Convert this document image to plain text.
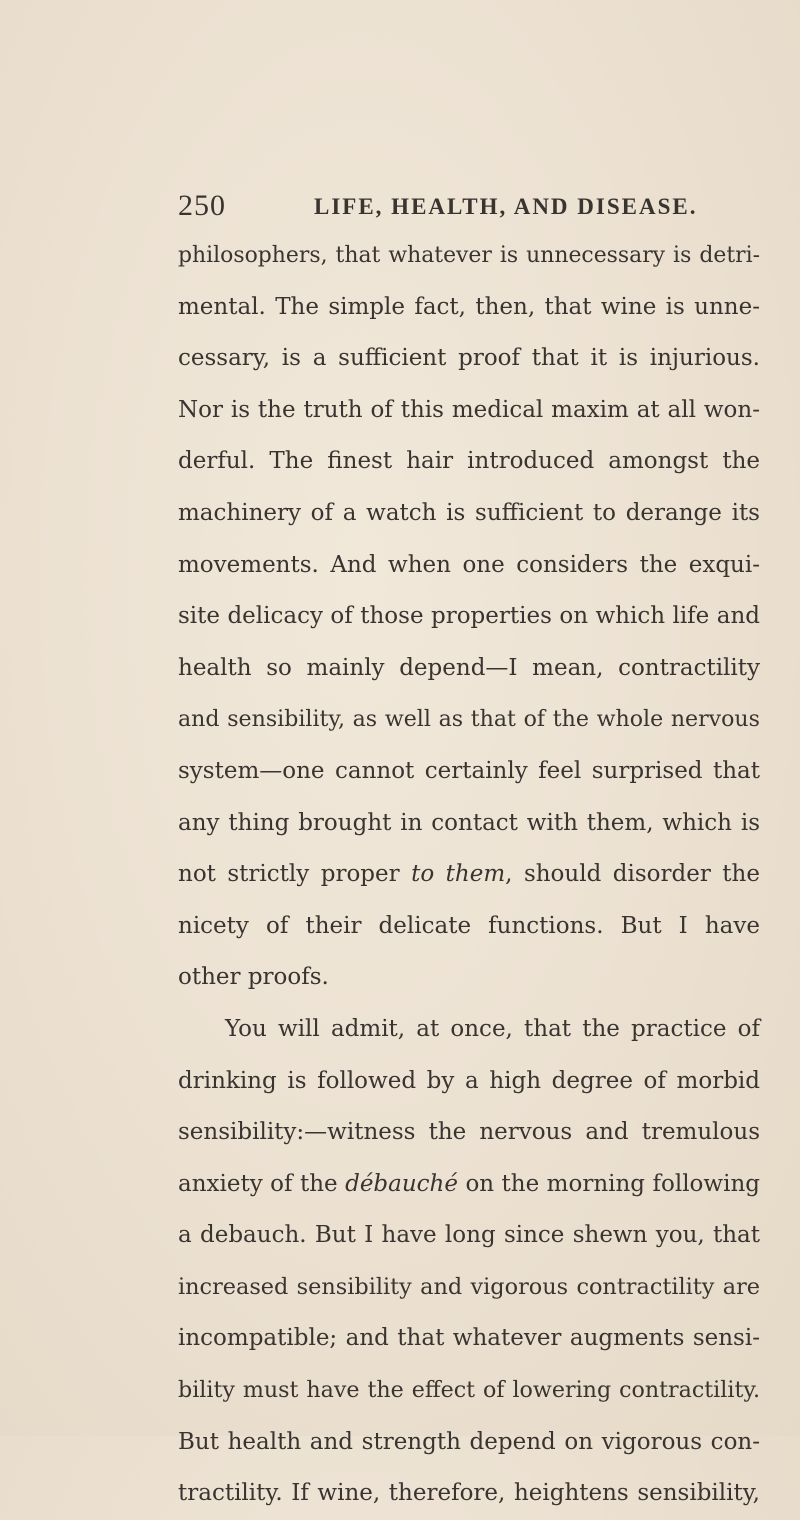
250	LIFE, HEALTH, AND DISEASE.
philosophers, that whatever is unnecessary is detri-
mental. The simple fact, then, that wine is unne-
cessary, is a sufficient proof that it is injurious.
Nor is the truth of this medical maxim at all won-
derful. The finest hair introduced amongst the
machinery of a watch is sufficient to derange its
movements. And when one considers the exqui-
site delicacy of those properties on which life and
health so mainly depend—I mean, contractility
and sensibility, as well as that of the whole nervous
system—one cannot certainly feel surprised that
any thing brought in contact with them, which is
not strictly proper to them, should disorder the
nicety of their delicate functions. But I have
other proofs.
You will admit, at once, that the practice of
drinking is followed by a high degree of morbid
sensibility:—witness the nervous and tremulous
anxiety of the débauché on the morning following
a debauch. But I have long since shewn you, that
increased sensibility and vigorous contractility are
incompatible; and that whatever augments sensi-
bility must have the effect of lowering contractility.
But health and strength depend on vigorous con-
tractility. If wine, therefore, heightens sensibility,
